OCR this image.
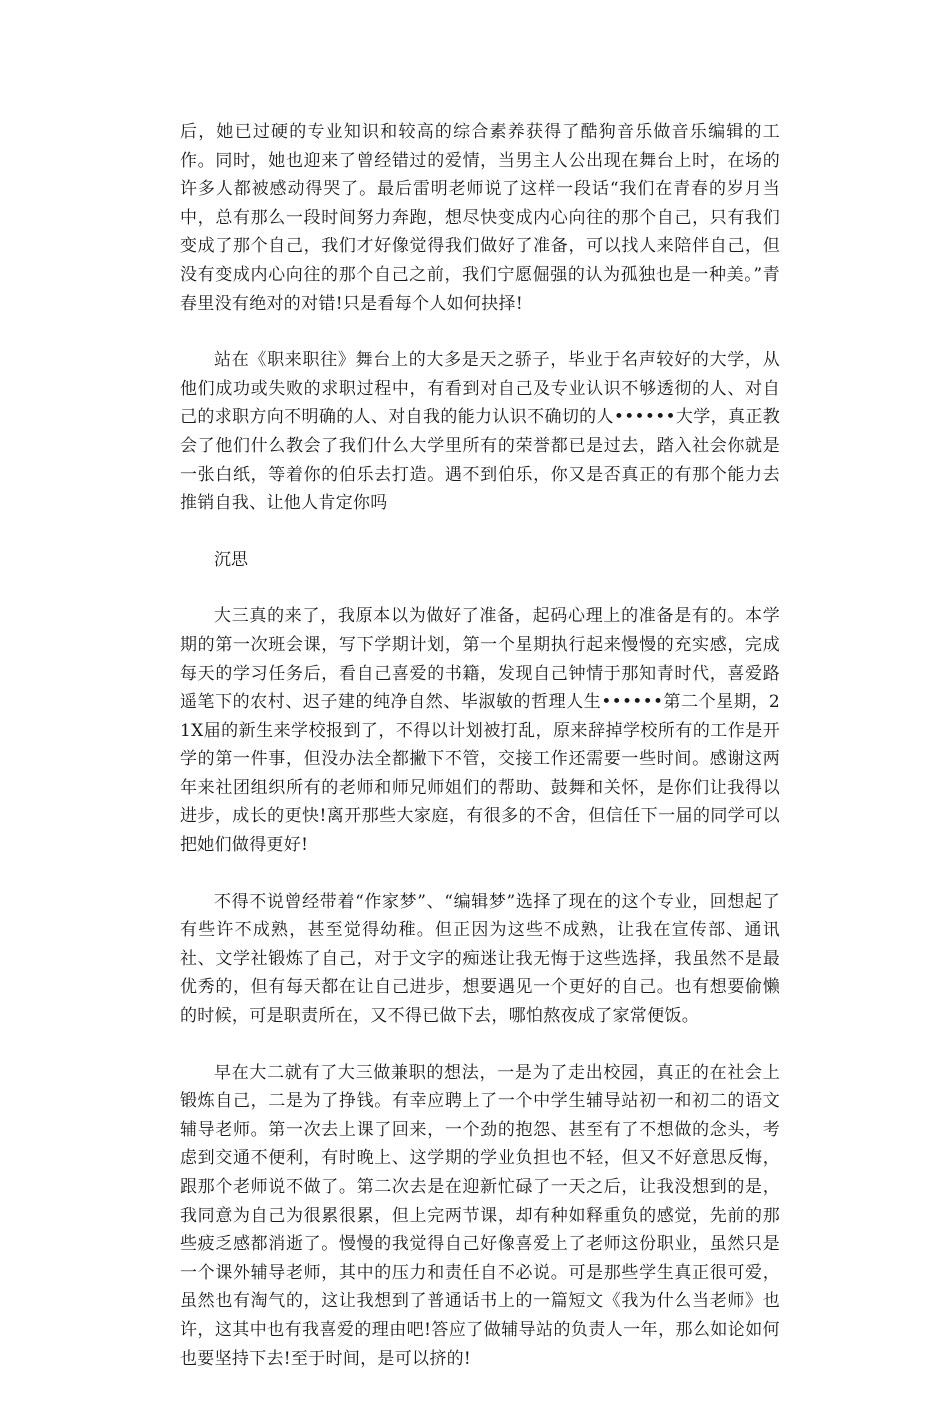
后，她已过硬的专业知识和较高的综合素养获得了酷狗音乐做音乐编辑的工作。同时，她也迎来了曾经错过的爱情，当男主人公出现在舞台上时，在场的许多人都被感动得哭了。最后雷明老师说了这样一段话“我们在青春的岁月当中，总有那么一段时间努力奔跑，想尽快变成内心向往的那个自己，只有我们变成了那个自己，我们才好像觉得我们做好了准备，可以找人来陪伴自己，但没有变成内心向往的那个自己之前，我们宁愿倔强的认为孤独也是一种美。”青春里没有绝对的对错!只是看每个人如何抉择!

站在《职来职往》舞台上的大多是天之骄子，毕业于名声较好的大学，从他们成功或失败的求职过程中，有看到对自己及专业认识不够透彻的人、对自己的求职方向不明确的人、对自我的能力认识不确切的人••••••大学，真正教会了他们什么教会了我们什么大学里所有的荣誉都已是过去，踏入社会你就是一张白纸，等着你的伯乐去打造。遇不到伯乐，你又是否真正的有那个能力去推销自我、让他人肯定你吗

沉思

大三真的来了，我原本以为做好了准备，起码心理上的准备是有的。本学期的第一次班会课，写下学期计划，第一个星期执行起来慢慢的充实感，完成每天的学习任务后，看自己喜爱的书籍，发现自己钟情于那知青时代，喜爱路遥笔下的农村、迟子建的纯净自然、毕淑敏的哲理人生••••••第二个星期，21X届的新生来学校报到了，不得以计划被打乱，原来辞掉学校所有的工作是开学的第一件事，但没办法全都撇下不管，交接工作还需要一些时间。感谢这两年来社团组织所有的老师和师兄师姐们的帮助、鼓舞和关怀，是你们让我得以进步，成长的更快!离开那些大家庭，有很多的不舍，但信任下一届的同学可以把她们做得更好!

不得不说曾经带着“作家梦”、“编辑梦”选择了现在的这个专业，回想起了有些许不成熟，甚至觉得幼稚。但正因为这些不成熟，让我在宣传部、通讯社、文学社锻炼了自己，对于文字的痴迷让我无悔于这些选择，我虽然不是最优秀的，但有每天都在让自己进步，想要遇见一个更好的自己。也有想要偷懒的时候，可是职责所在，又不得已做下去，哪怕熬夜成了家常便饭。

早在大二就有了大三做兼职的想法，一是为了走出校园，真正的在社会上锻炼自己，二是为了挣钱。有幸应聘上了一个中学生辅导站初一和初二的语文辅导老师。第一次去上课了回来，一个劲的抱怨、甚至有了不想做的念头，考虑到交通不便利，有时晚上、这学期的学业负担也不轻，但又不好意思反悔，跟那个老师说不做了。第二次去是在迎新忙碌了一天之后，让我没想到的是，我同意为自己为很累很累，但上完两节课，却有种如释重负的感觉，先前的那些疲乏感都消逝了。慢慢的我觉得自己好像喜爱上了老师这份职业，虽然只是一个课外辅导老师，其中的压力和责任自不必说。可是那些学生真正很可爱，虽然也有淘气的，这让我想到了普通话书上的一篇短文《我为什么当老师》也许，这其中也有我喜爱的理由吧!答应了做辅导站的负责人一年，那么如论如何也要坚持下去!至于时间，是可以挤的!
